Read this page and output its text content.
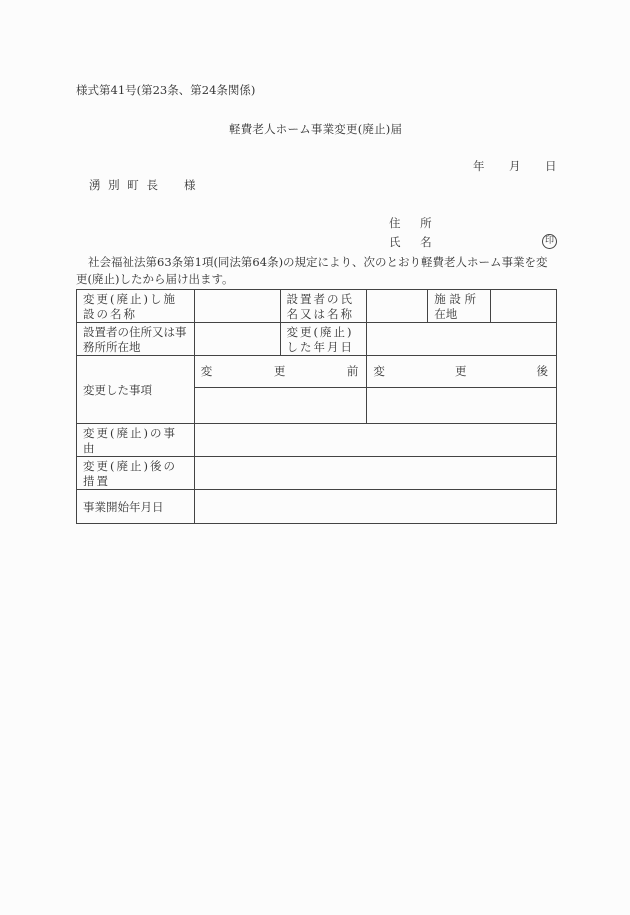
様式第41号(第23条、第24条関係)
軽費老人ホーム事業変更(廃止)届
年 月 日
湧 別 町 長 様
住 所
氏 名	印
社会福祉法第63条第1項(同法第64条)の規定により、次のとおり軽費老人ホーム事業を変更(廃止)したから届け出ます。
変更(廃止)し施設の名称		設置者の氏名又は名称		施 設 所在地	
設置者の住所又は事務所所在地		変更(廃止)した年月日			
変更した事項	変 更 前		変 更 後		

変更(廃止)の事由					
変更(廃止)後の措置					
事業開始年月日					
